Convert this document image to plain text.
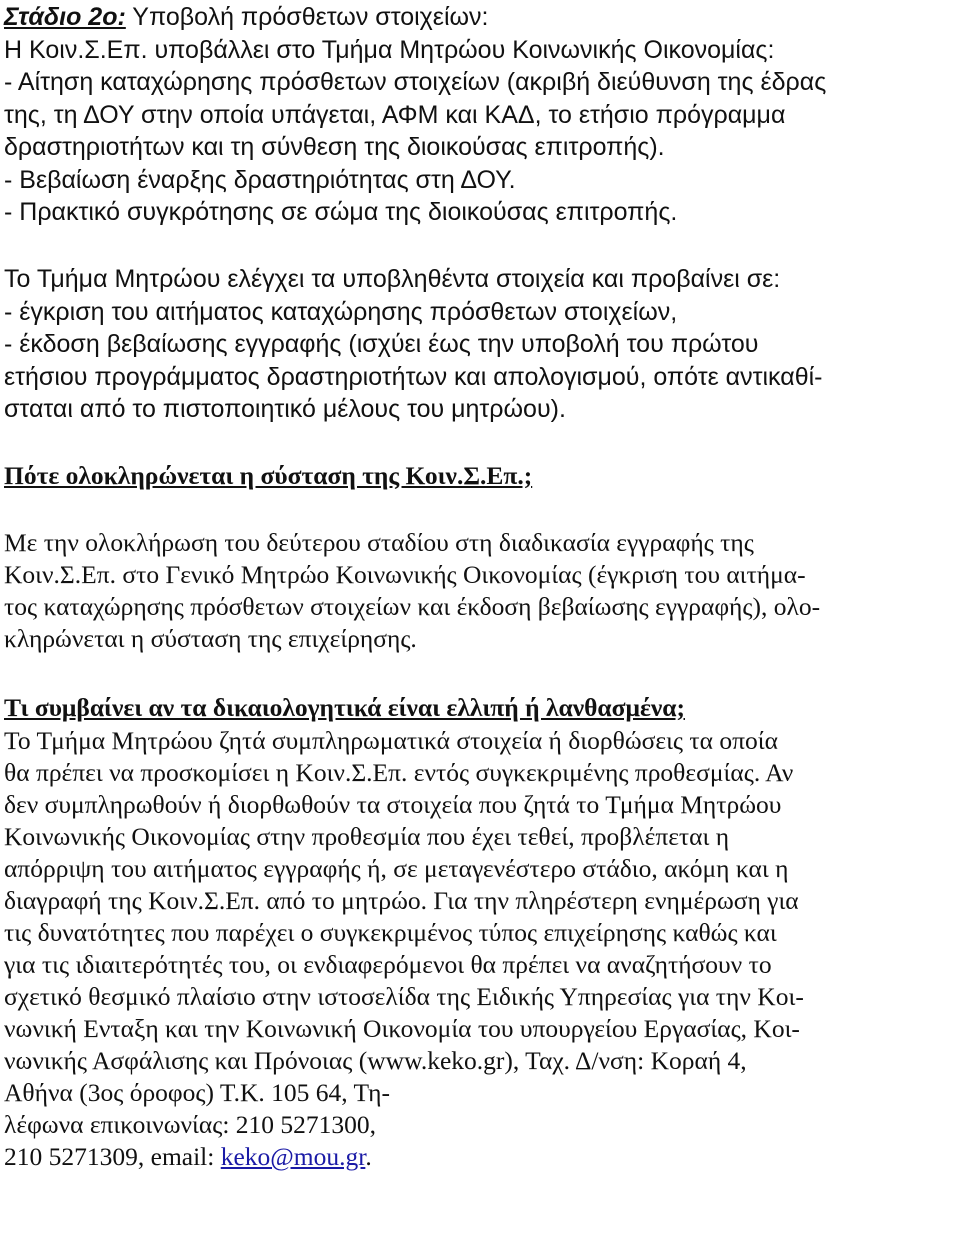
Στάδιο 2ο: Υποβολή πρόσθετων στοιχείων:
Η Κοιν.Σ.Επ. υποβάλλει στο Τμήμα Μητρώου Κοινωνικής Οικονομίας:
- Αίτηση καταχώρησης πρόσθετων στοιχείων (ακριβή διεύθυνση της έδρας
της, τη ΔΟΥ στην οποία υπάγεται, ΑΦΜ και ΚΑΔ, το ετήσιο πρόγραμμα
δραστηριοτήτων και τη σύνθεση της διοικούσας επιτροπής).
- Βεβαίωση έναρξης δραστηριότητας στη ΔΟΥ.
- Πρακτικό συγκρότησης σε σώμα της διοικούσας επιτροπής.
Το Τμήμα Μητρώου ελέγχει τα υποβληθέντα στοιχεία και προβαίνει σε:
- έγκριση του αιτήματος καταχώρησης πρόσθετων στοιχείων,
- έκδοση βεβαίωσης εγγραφής (ισχύει έως την υποβολή του πρώτου
ετήσιου προγράμματος δραστηριοτήτων και απολογισμού, οπότε αντικαθί-
σταται από το πιστοποιητικό μέλους του μητρώου).
Πότε ολοκληρώνεται η σύσταση της Κοιν.Σ.Επ.;
Με την ολοκλήρωση του δεύτερου σταδίου στη διαδικασία εγγραφής της
Κοιν.Σ.Επ. στο Γενικό Μητρώο Κοινωνικής Οικονομίας (έγκριση του αιτήμα-
τος καταχώρησης πρόσθετων στοιχείων και έκδοση βεβαίωσης εγγραφής), ολο-
κληρώνεται η σύσταση της επιχείρησης.
Τι συμβαίνει αν τα δικαιολογητικά είναι ελλιπή ή λανθασμένα;
Το Τμήμα Μητρώου ζητά συμπληρωματικά στοιχεία ή διορθώσεις τα οποία
θα πρέπει να προσκομίσει η Κοιν.Σ.Επ. εντός συγκεκριμένης προθεσμίας. Αν
δεν συμπληρωθούν ή διορθωθούν τα στοιχεία που ζητά το Τμήμα Μητρώου
Κοινωνικής Οικονομίας στην προθεσμία που έχει τεθεί, προβλέπεται η
απόρριψη του αιτήματος εγγραφής ή, σε μεταγενέστερο στάδιο, ακόμη και η
διαγραφή της Κοιν.Σ.Επ. από το μητρώο. Για την πληρέστερη ενημέρωση για
τις δυνατότητες που παρέχει ο συγκεκριμένος τύπος επιχείρησης καθώς και
για τις ιδιαιτερότητές του, οι ενδιαφερόμενοι θα πρέπει να αναζητήσουν το
σχετικό θεσμικό πλαίσιο στην ιστοσελίδα της Ειδικής Υπηρεσίας για την Κοι-
νωνική Ενταξη και την Κοινωνική Οικονομία του υπουργείου Εργασίας, Κοι-
νωνικής Ασφάλισης και Πρόνοιας (www.keko.gr), Ταχ. Δ/νση: Κοραή 4,
Αθήνα (3ος όροφος) Τ.Κ. 105 64, Τη-
λέφωνα επικοινωνίας: 210 5271300,
210 5271309, email: keko@mou.gr.
